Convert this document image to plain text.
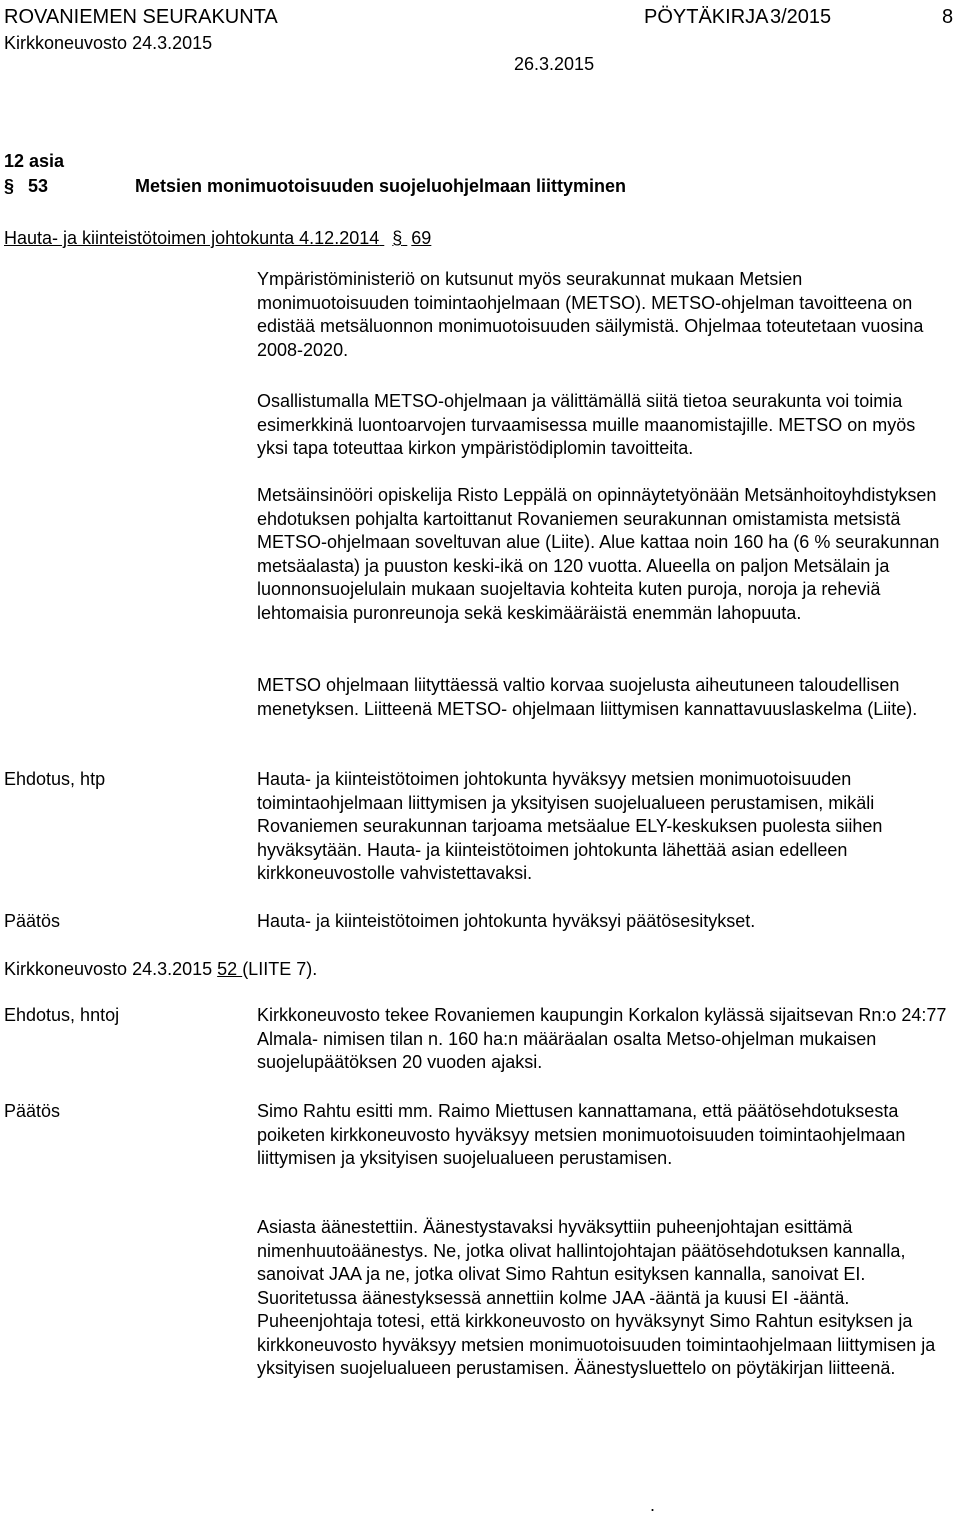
ROVANIEMEN SEURAKUNTA	PÖYTÄKIRJA 3/2015	8
Kirkkoneuvosto 24.3.2015
26.3.2015
12 asia
§ 53	Metsien monimuotoisuuden suojeluohjelmaan liittyminen
Hauta- ja kiinteistötoimen johtokunta 4.12.2014 § 69

Ympäristöministeriö on kutsunut myös seurakunnat mukaan Metsien monimuotoisuuden toimintaohjelmaan (METSO). METSO-ohjelman tavoitteena on edistää metsäluonnon monimuotoisuuden säilymistä. Ohjelmaa toteutetaan vuosina 2008-2020.

Osallistumalla METSO-ohjelmaan ja välittämällä siitä tietoa seurakunta voi toimia esimerkkinä luontoarvojen turvaamisessa muille maanomistajille. METSO on myös yksi tapa toteuttaa kirkon ympäristödiplomin tavoitteita.

Metsäinsinööri opiskelija Risto Leppälä on opinnäytetyönään Metsänhoitoyhdistyksen ehdotuksen pohjalta kartoittanut Rovaniemen seurakunnan omistamista metsistä METSO-ohjelmaan soveltuvan alue (Liite). Alue kattaa noin 160 ha (6 % seurakunnan metsäalasta) ja puuston keski-ikä on 120 vuotta. Alueella on paljon Metsälain ja luonnonsuojelulain mukaan suojeltavia kohteita kuten puroja, noroja ja reheviä lehtomaisia puronreunoja sekä keskimääräistä enemmän lahopuuta.

METSO ohjelmaan liityttäessä valtio korvaa suojelusta aiheutuneen taloudellisen menetyksen. Liitteenä METSO- ohjelmaan liittymisen kannattavuuslaskelma (Liite).

Ehdotus, htp	Hauta- ja kiinteistötoimen johtokunta hyväksyy metsien monimuotoisuuden toimintaohjelmaan liittymisen ja yksityisen suojelualueen perustamisen, mikäli Rovaniemen seurakunnan tarjoama metsäalue ELY-keskuksen puolesta siihen hyväksytään. Hauta- ja kiinteistötoimen johtokunta lähettää asian edelleen kirkkoneuvostolle vahvistettavaksi.

Päätös	Hauta- ja kiinteistötoimen johtokunta hyväksyi päätösesitykset.

Kirkkoneuvosto 24.3.2015 52 (LIITE 7).
Ehdotus, hntoj	Kirkkoneuvosto tekee Rovaniemen kaupungin Korkalon kylässä sijaitsevan Rn:o 24:77 Almala- nimisen tilan n. 160 ha:n määräalan osalta Metso-ohjelman mukaisen suojelupäätöksen 20 vuoden ajaksi.

Päätös	Simo Rahtu esitti mm. Raimo Miettusen kannattamana, että päätösehdotuksesta poiketen kirkkoneuvosto hyväksyy metsien monimuotoisuuden toimintaohjelmaan liittymisen ja yksityisen suojelualueen perustamisen.

Asiasta äänestettiin. Äänestystavaksi hyväksyttiin puheenjohtajan esittämä nimenhuutoäänestys. Ne, jotka olivat hallintojohtajan päätösehdotuksen kannalla, sanoivat JAA ja ne, jotka olivat Simo Rahtun esityksen kannalla, sanoivat EI. Suoritetussa äänestyksessä annettiin kolme JAA -ääntä ja kuusi EI -ääntä. Puheenjohtaja totesi, että kirkkoneuvosto on hyväksynyt Simo Rahtun esityksen ja kirkkoneuvosto hyväksyy metsien monimuotoisuuden toimintaohjelmaan liittymisen ja yksityisen suojelualueen perustamisen. Äänestysluettelo on pöytäkirjan liitteenä.

.
